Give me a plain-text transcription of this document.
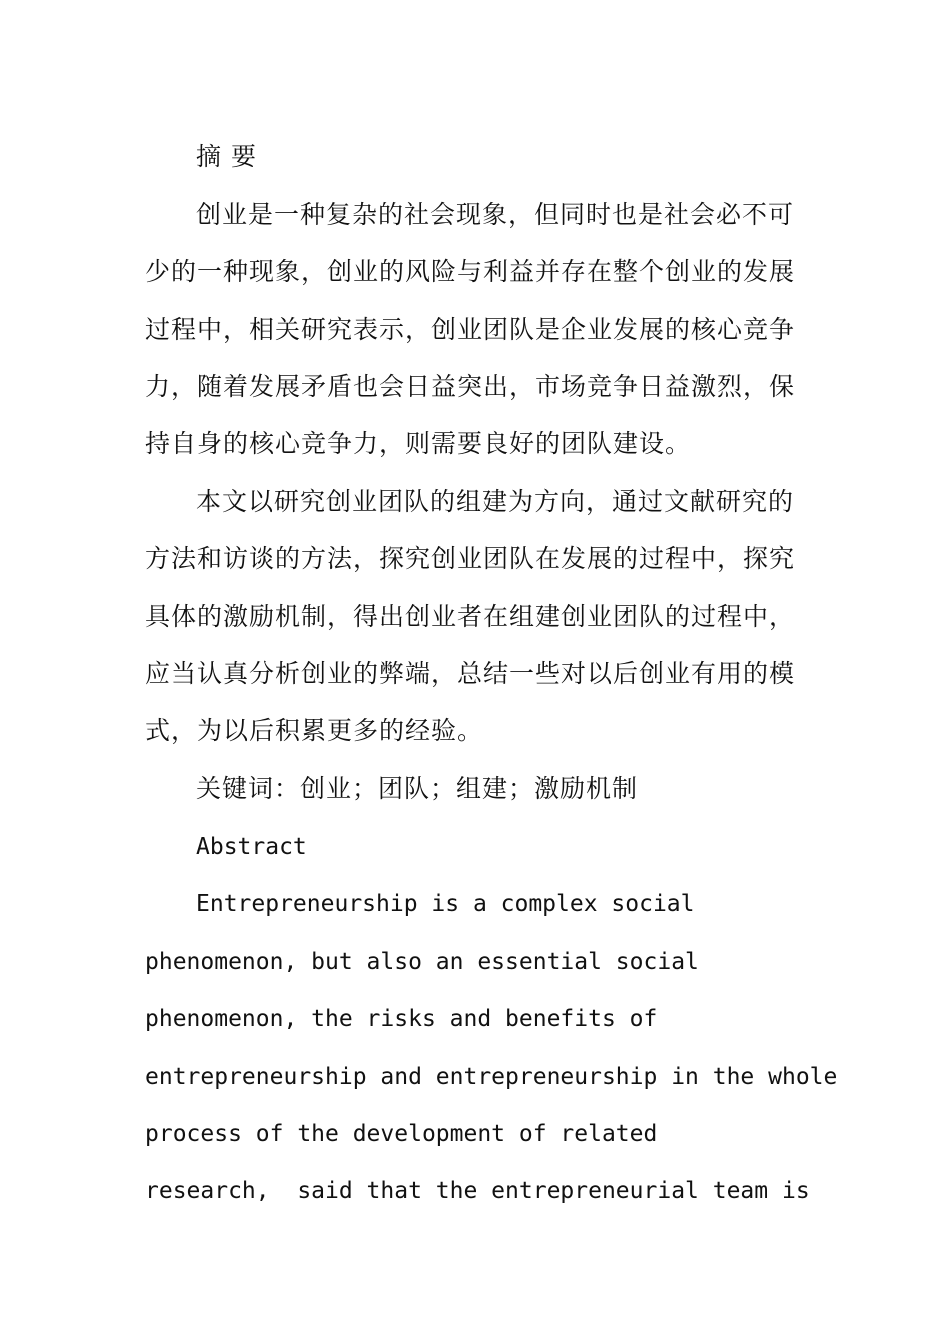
摘 要

创业是一种复杂的社会现象，但同时也是社会必不可

少的一种现象，创业的风险与利益并存在整个创业的发展

过程中，相关研究表示，创业团队是企业发展的核心竞争

力，随着发展矛盾也会日益突出，市场竞争日益激烈，保

持自身的核心竞争力，则需要良好的团队建设。

本文以研究创业团队的组建为方向，通过文献研究的

方法和访谈的方法，探究创业团队在发展的过程中，探究

具体的激励机制，得出创业者在组建创业团队的过程中，

应当认真分析创业的弊端，总结一些对以后创业有用的模

式，为以后积累更多的经验。

关键词：创业；团队；组建；激励机制

Abstract

Entrepreneurship is a complex social

phenomenon, but also an essential social

phenomenon, the risks and benefits of

entrepreneurship and entrepreneurship in the whole

process of the development of related

research,  said that the entrepreneurial team is
